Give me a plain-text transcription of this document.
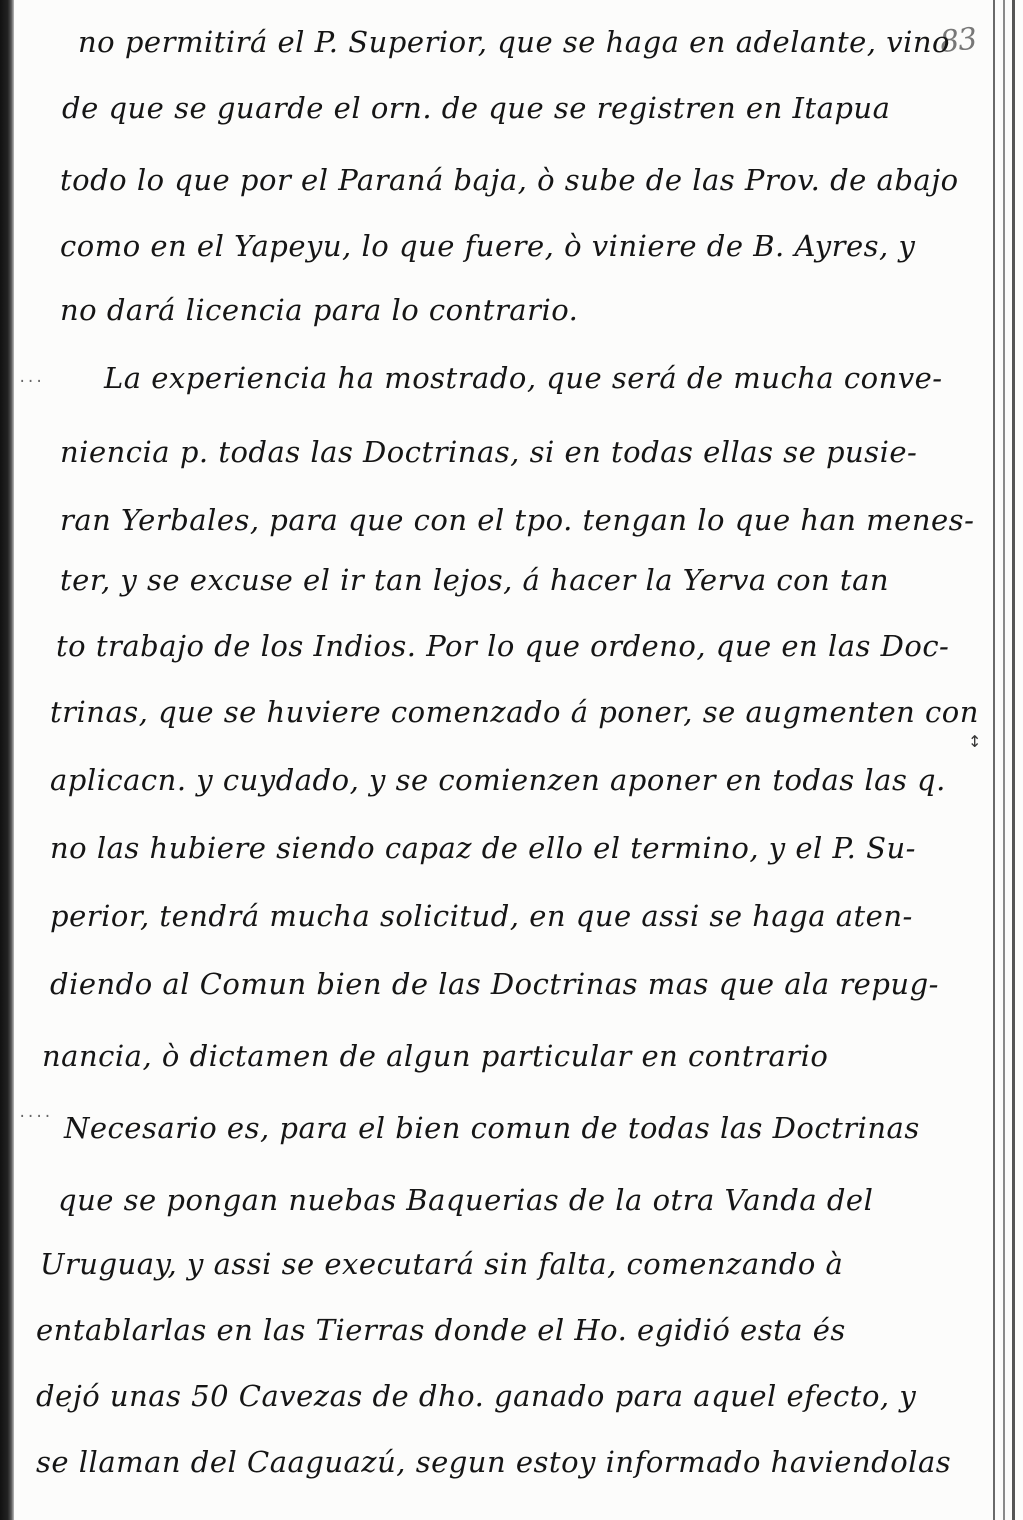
83
...
....
↕
no permitirá el P. Superior, que se haga en adelante, vino
de que se guarde el orn. de que se registren en Itapua
todo lo que por el Paraná baja, ò sube de las Prov. de abajo
como en el Yapeyu, lo que fuere, ò viniere de B. Ayres, y
no dará licencia para lo contrario.
La experiencia ha mostrado, que será de mucha conve-
niencia p. todas las Doctrinas, si en todas ellas se pusie-
ran Yerbales, para que con el tpo. tengan lo que han menes-
ter, y se excuse el ir tan lejos, á hacer la Yerva con tan
to trabajo de los Indios. Por lo que ordeno, que en las Doc-
trinas, que se huviere comenzado á poner, se augmenten con
aplicacn. y cuydado, y se comienzen aponer en todas las q.
no las hubiere siendo capaz de ello el termino, y el P. Su-
perior, tendrá mucha solicitud, en que assi se haga aten-
diendo al Comun bien de las Doctrinas mas que ala repug-
nancia, ò dictamen de algun particular en contrario
Necesario es, para el bien comun de todas las Doctrinas
que se pongan nuebas Baquerias de la otra Vanda del
Uruguay, y assi se executará sin falta, comenzando à
entablarlas en las Tierras donde el Ho. egidió esta és
dejó unas 50 Cavezas de dho. ganado para aquel efecto, y
se llaman del Caaguazú, segun estoy informado haviendolas
